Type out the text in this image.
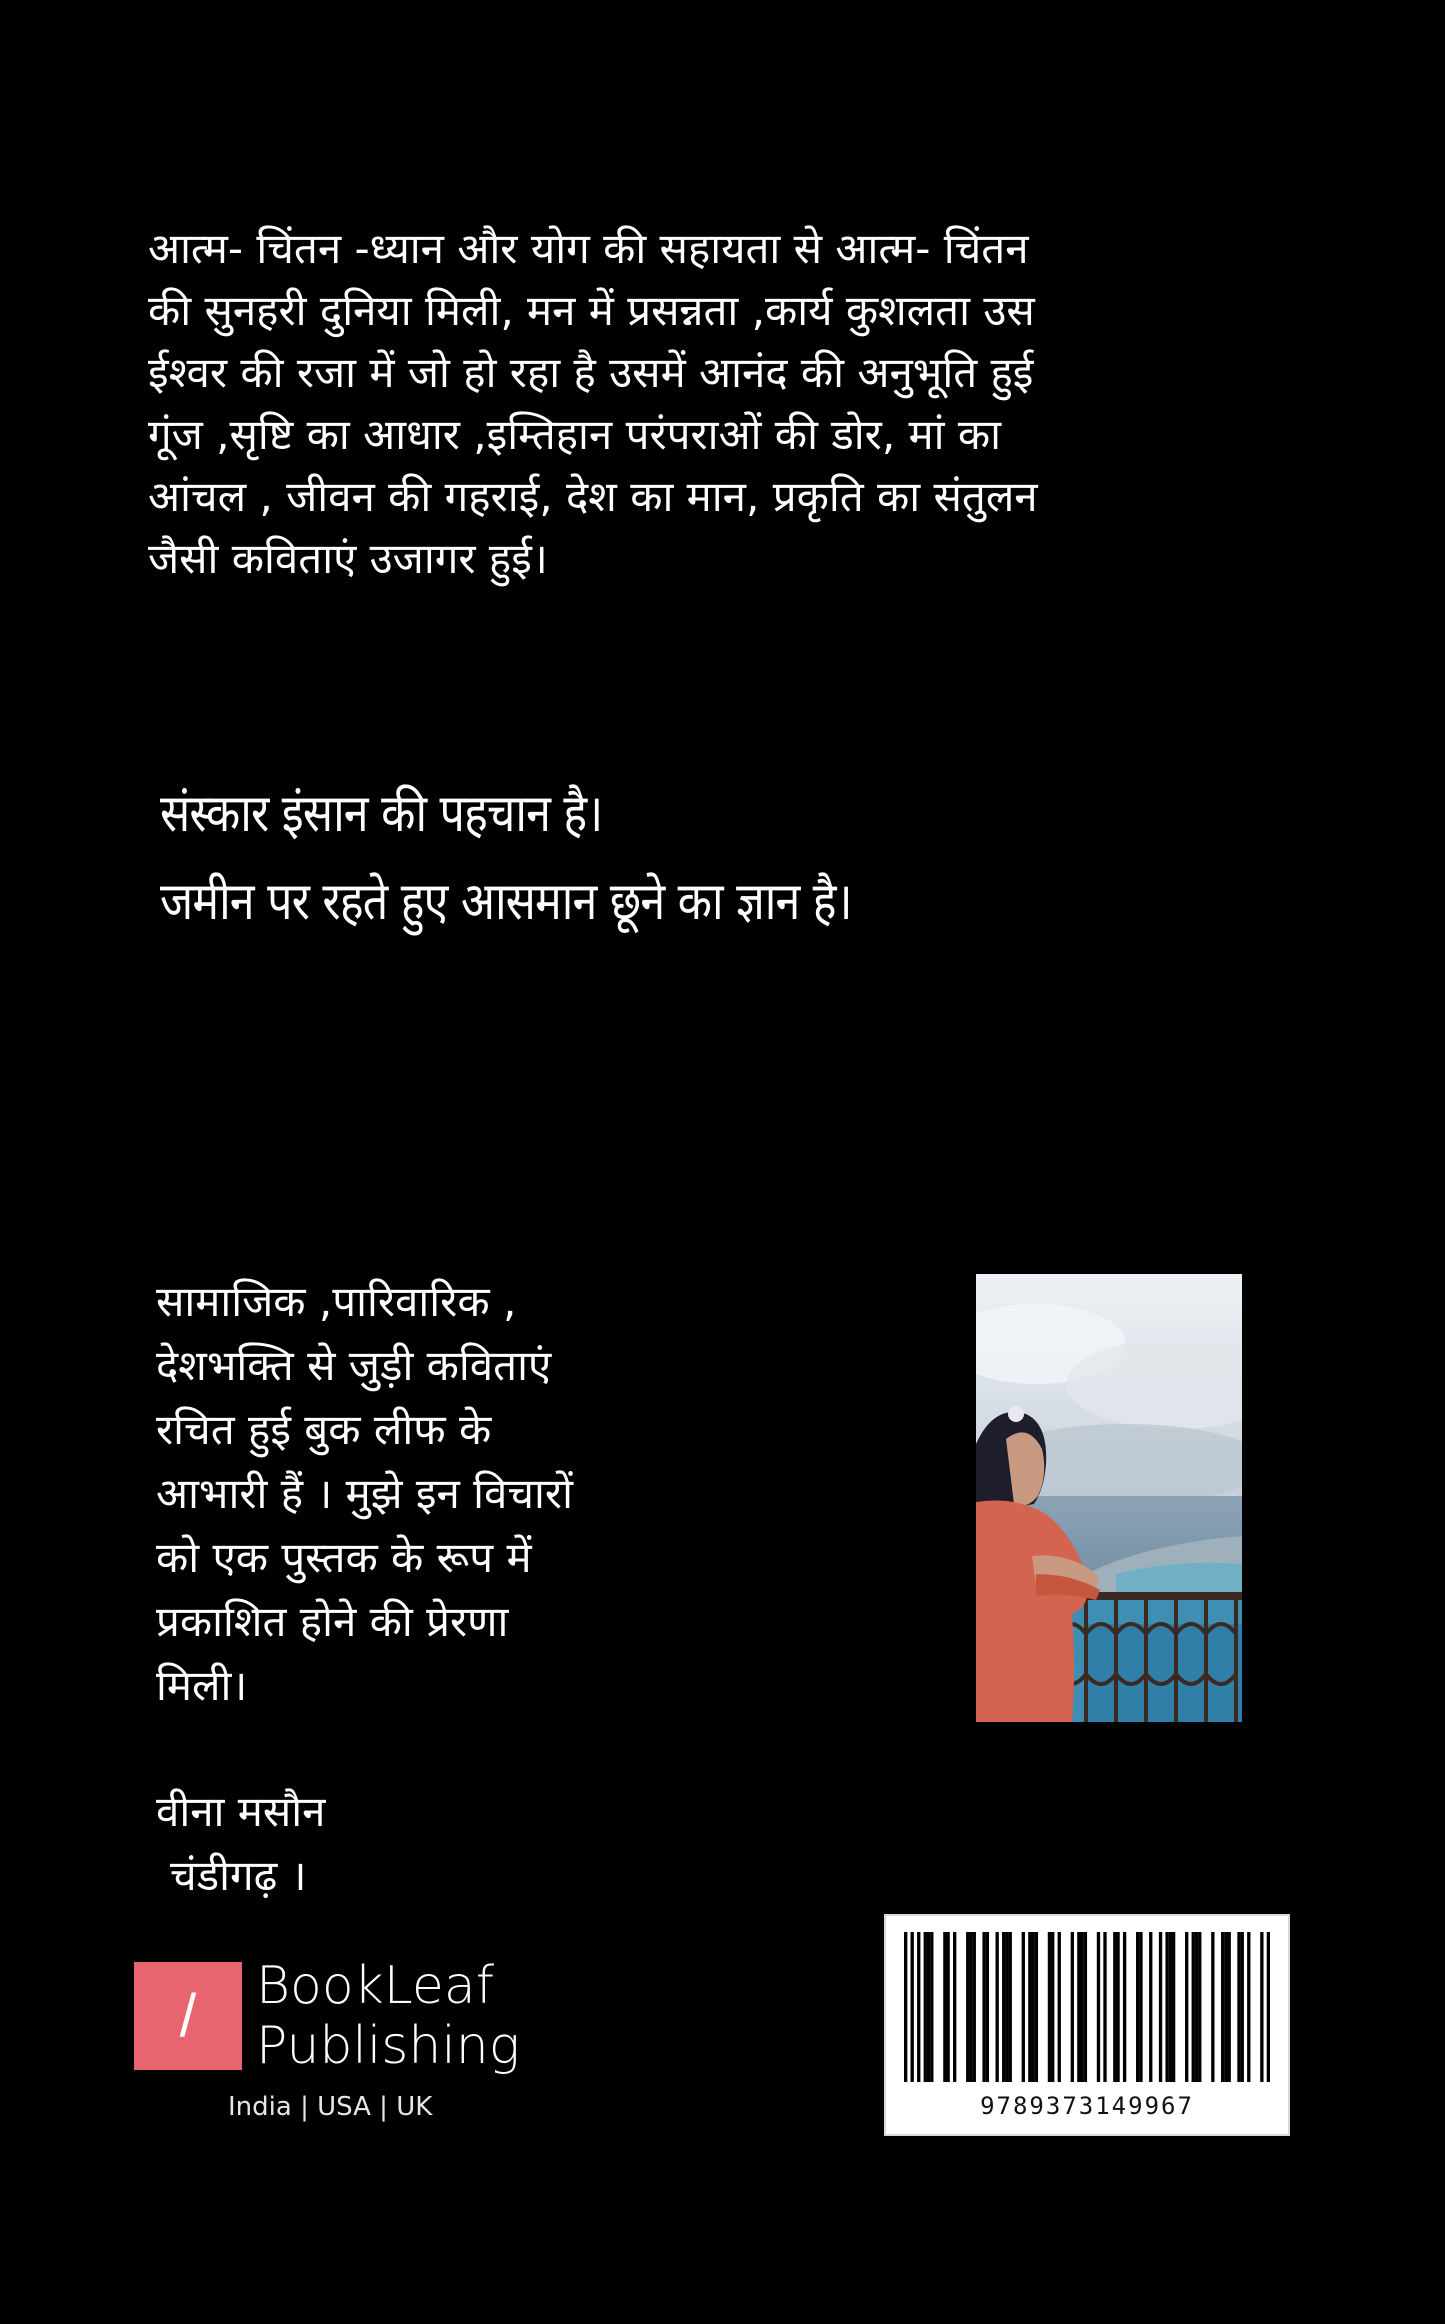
आत्म- चिंतन -ध्यान और योग की सहायता से आत्म- चिंतन

की सुनहरी दुनिया मिली, मन में प्रसन्नता ,कार्य कुशलता उस

ईश्वर की रजा में जो हो रहा है उसमें आनंद की अनुभूति हुई

गूंज ,सृष्टि का आधार ,इम्तिहान परंपराओं की डोर, मां का

आंचल , जीवन की गहराई, देश का मान, प्रकृति का संतुलन

जैसी कविताएं उजागर हुई।

संस्कार इंसान की पहचान है।

जमीन पर रहते हुए आसमान छूने का ज्ञान है।

सामाजिक ,पारिवारिक ,

देशभक्ति से जुड़ी कविताएं

रचित हुई बुक लीफ के

आभारी हैं । मुझे इन विचारों

को एक पुस्तक के रूप में

प्रकाशित होने की प्रेरणा

मिली।

वीना मसौन

चंडीगढ़ ।

/	BookLeaf
Publishing
India | USA | UK	9789373149967
